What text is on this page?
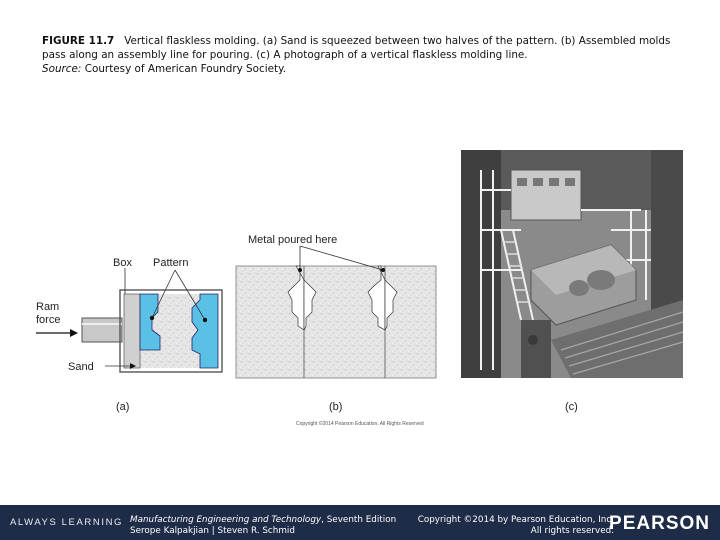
FIGURE 11.7 Vertical flaskless molding. (a) Sand is squeezed between two halves of the pattern. (b) Assembled molds pass along an assembly line for pouring. (c) A photograph of a vertical flaskless molding line.
Source: Courtesy of American Foundry Society.
Box Pattern
Ram
force
Sand
(a)
Metal poured here
(b)	(c)
Copyright ©2014 Pearson Education, All Rights Reserved
ALWAYS LEARNING Manufacturing Engineering and Technology, Seventh Edition
Serope Kalpakjian | Steven R. Schmid
Copyright ©2014 by Pearson Education, Inc.
All rights reserved.
PEARSON
